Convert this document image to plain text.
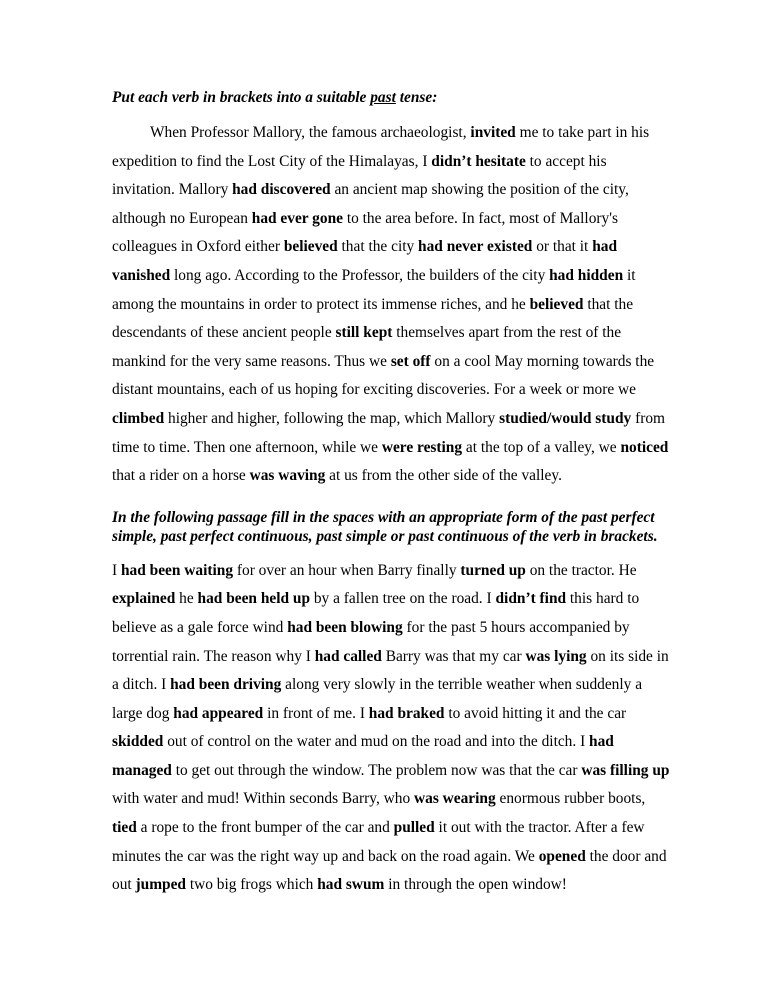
Put each verb in brackets into a suitable past tense:

When Professor Mallory, the famous archaeologist, invited me to take part in his expedition to find the Lost City of the Himalayas, I didn’t hesitate to accept his invitation. Mallory had discovered an ancient map showing the position of the city, although no European had ever gone to the area before. In fact, most of Mallory's colleagues in Oxford either believed that the city had never existed or that it had vanished long ago. According to the Professor, the builders of the city had hidden it among the mountains in order to protect its immense riches, and he believed that the descendants of these ancient people still kept themselves apart from the rest of the mankind for the very same reasons. Thus we set off on a cool May morning towards the distant mountains, each of us hoping for exciting discoveries. For a week or more we climbed higher and higher, following the map, which Mallory studied/would study from time to time. Then one afternoon, while we were resting at the top of a valley, we noticed that a rider on a horse was waving at us from the other side of the valley.

In the following passage fill in the spaces with an appropriate form of the past perfect simple, past perfect continuous, past simple or past continuous of the verb in brackets.

I had been waiting for over an hour when Barry finally turned up on the tractor. He explained he had been held up by a fallen tree on the road. I didn’t find this hard to believe as a gale force wind had been blowing for the past 5 hours accompanied by torrential rain. The reason why I had called Barry was that my car was lying on its side in a ditch. I had been driving along very slowly in the terrible weather when suddenly a large dog had appeared in front of me. I had braked to avoid hitting it and the car skidded out of control on the water and mud on the road and into the ditch. I had managed to get out through the window. The problem now was that the car was filling up with water and mud! Within seconds Barry, who was wearing enormous rubber boots, tied a rope to the front bumper of the car and pulled it out with the tractor. After a few minutes the car was the right way up and back on the road again. We opened the door and out jumped two big frogs which had swum in through the open window!
